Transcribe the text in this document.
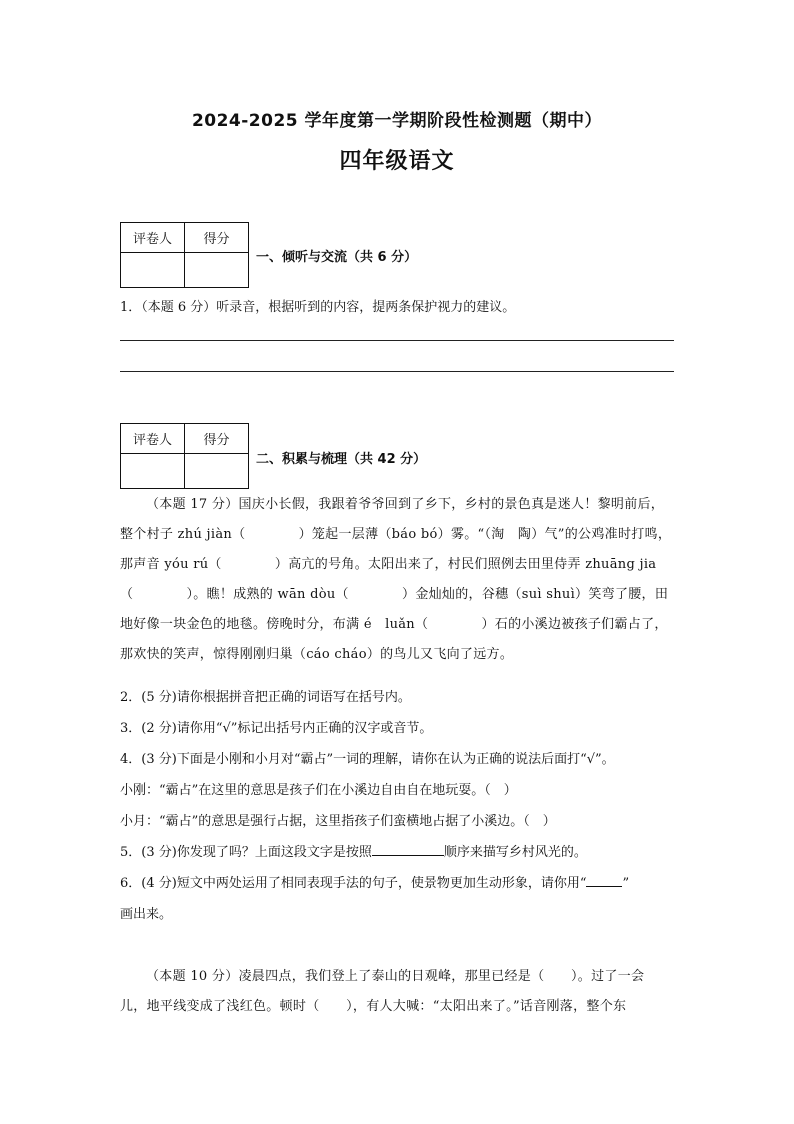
2024-2025 学年度第一学期阶段性检测题（期中）
四年级语文
评卷人	得分

一、倾听与交流（共 6 分）
1．（本题 6 分）听录音，根据听到的内容，提两条保护视力的建议。
评卷人	得分

二、积累与梳理（共 42 分）

（本题 17 分）国庆小长假，我跟着爷爷回到了乡下，乡村的景色真是迷人！黎明前后，

整个村子 zhú jiàn（　　　　）笼起一层薄（báo bó）雾。“（淘　陶）气”的公鸡准时打鸣，

那声音 yóu rú（　　　　）高亢的号角。太阳出来了，村民们照例去田里侍弄 zhuāng jia

（　　　　）。瞧！成熟的 wān dòu（　　　　）金灿灿的，谷穗（suì shuì）笑弯了腰，田

地好像一块金色的地毯。傍晚时分，布满 é　luǎn（　　　　）石的小溪边被孩子们霸占了，

那欢快的笑声，惊得刚刚归巢（cáo cháo）的鸟儿又飞向了远方。

2．(5 分)请你根据拼音把正确的词语写在括号内。
3．(2 分)请你用“√”标记出括号内正确的汉字或音节。
4．(3 分)下面是小刚和小月对“霸占”一词的理解，请你在认为正确的说法后面打“√”。
小刚：“霸占”在这里的意思是孩子们在小溪边自由自在地玩耍。（　）
小月：“霸占”的意思是强行占据，这里指孩子们蛮横地占据了小溪边。（　）
5．(3 分)你发现了吗？上面这段文字是按照	顺序来描写乡村风光的。
6．(4 分)短文中两处运用了相同表现手法的句子，使景物更加生动形象，请你用“	”
画出来。

（本题 10 分）凌晨四点，我们登上了泰山的日观峰，那里已经是（　　）。过了一会

儿，地平线变成了浅红色。顿时（　　），有人大喊：“太阳出来了。”话音刚落，整个东
